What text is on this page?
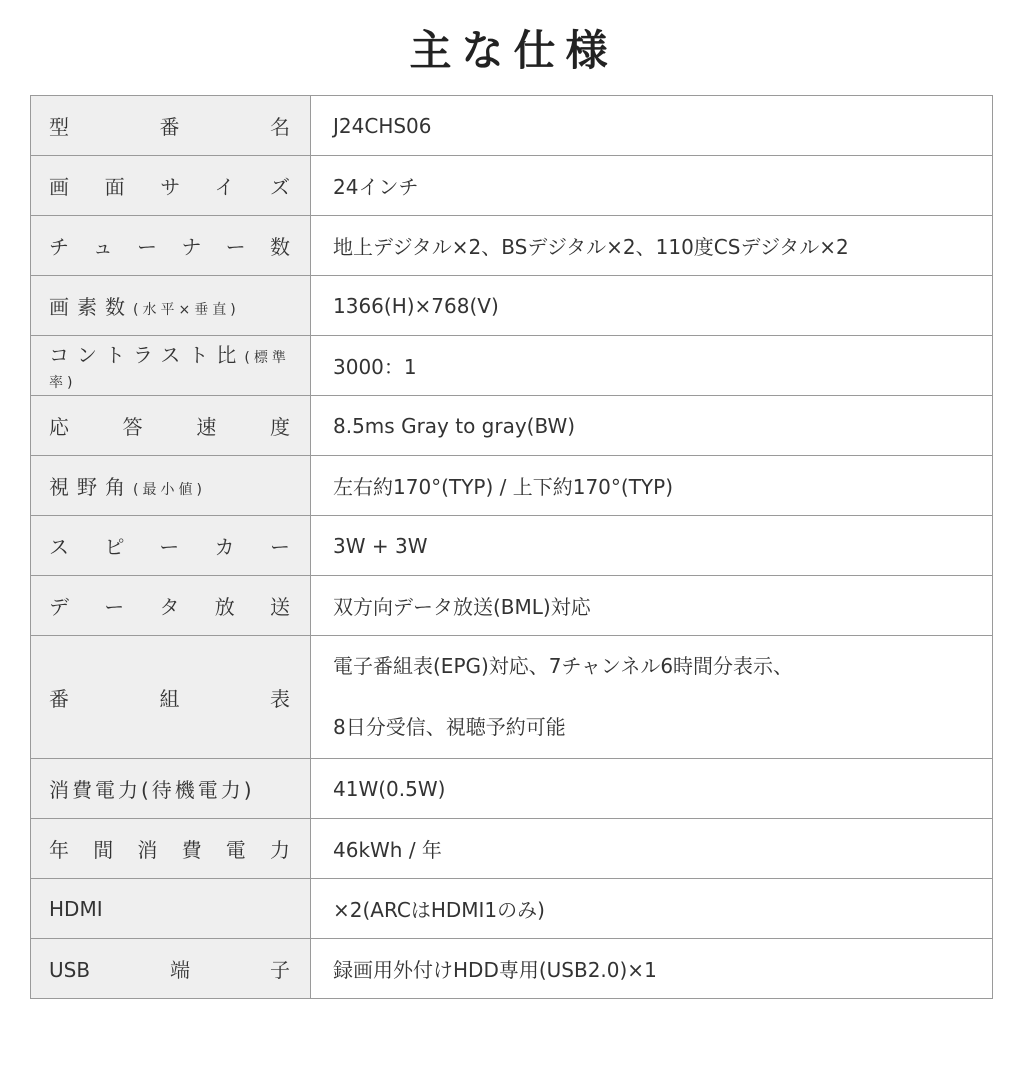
主な仕様
型番名	J24CHS06

画面サイズ	24インチ

チューナー数	地上デジタル×2、BSデジタル×2、110度CSデジタル×2

画素数(水平×垂直)	1366(H)×768(V)

コントラスト比(標準率)	3000：1

応答速度	8.5ms Gray to gray(BW)

視野角(最小値)	左右約170°(TYP) / 上下約170°(TYP)

スピーカー	3W + 3W

データ放送	双方向データ放送(BML)対応

番組表	電子番組表(EPG)対応、7チャンネル6時間分表示、
8日分受信、視聴予約可能

消費電力(待機電力)	41W(0.5W)

年間消費電力	46kWh / 年

HDMI	×2(ARCはHDMI1のみ)

USB端子	録画用外付けHDD専用(USB2.0)×1
